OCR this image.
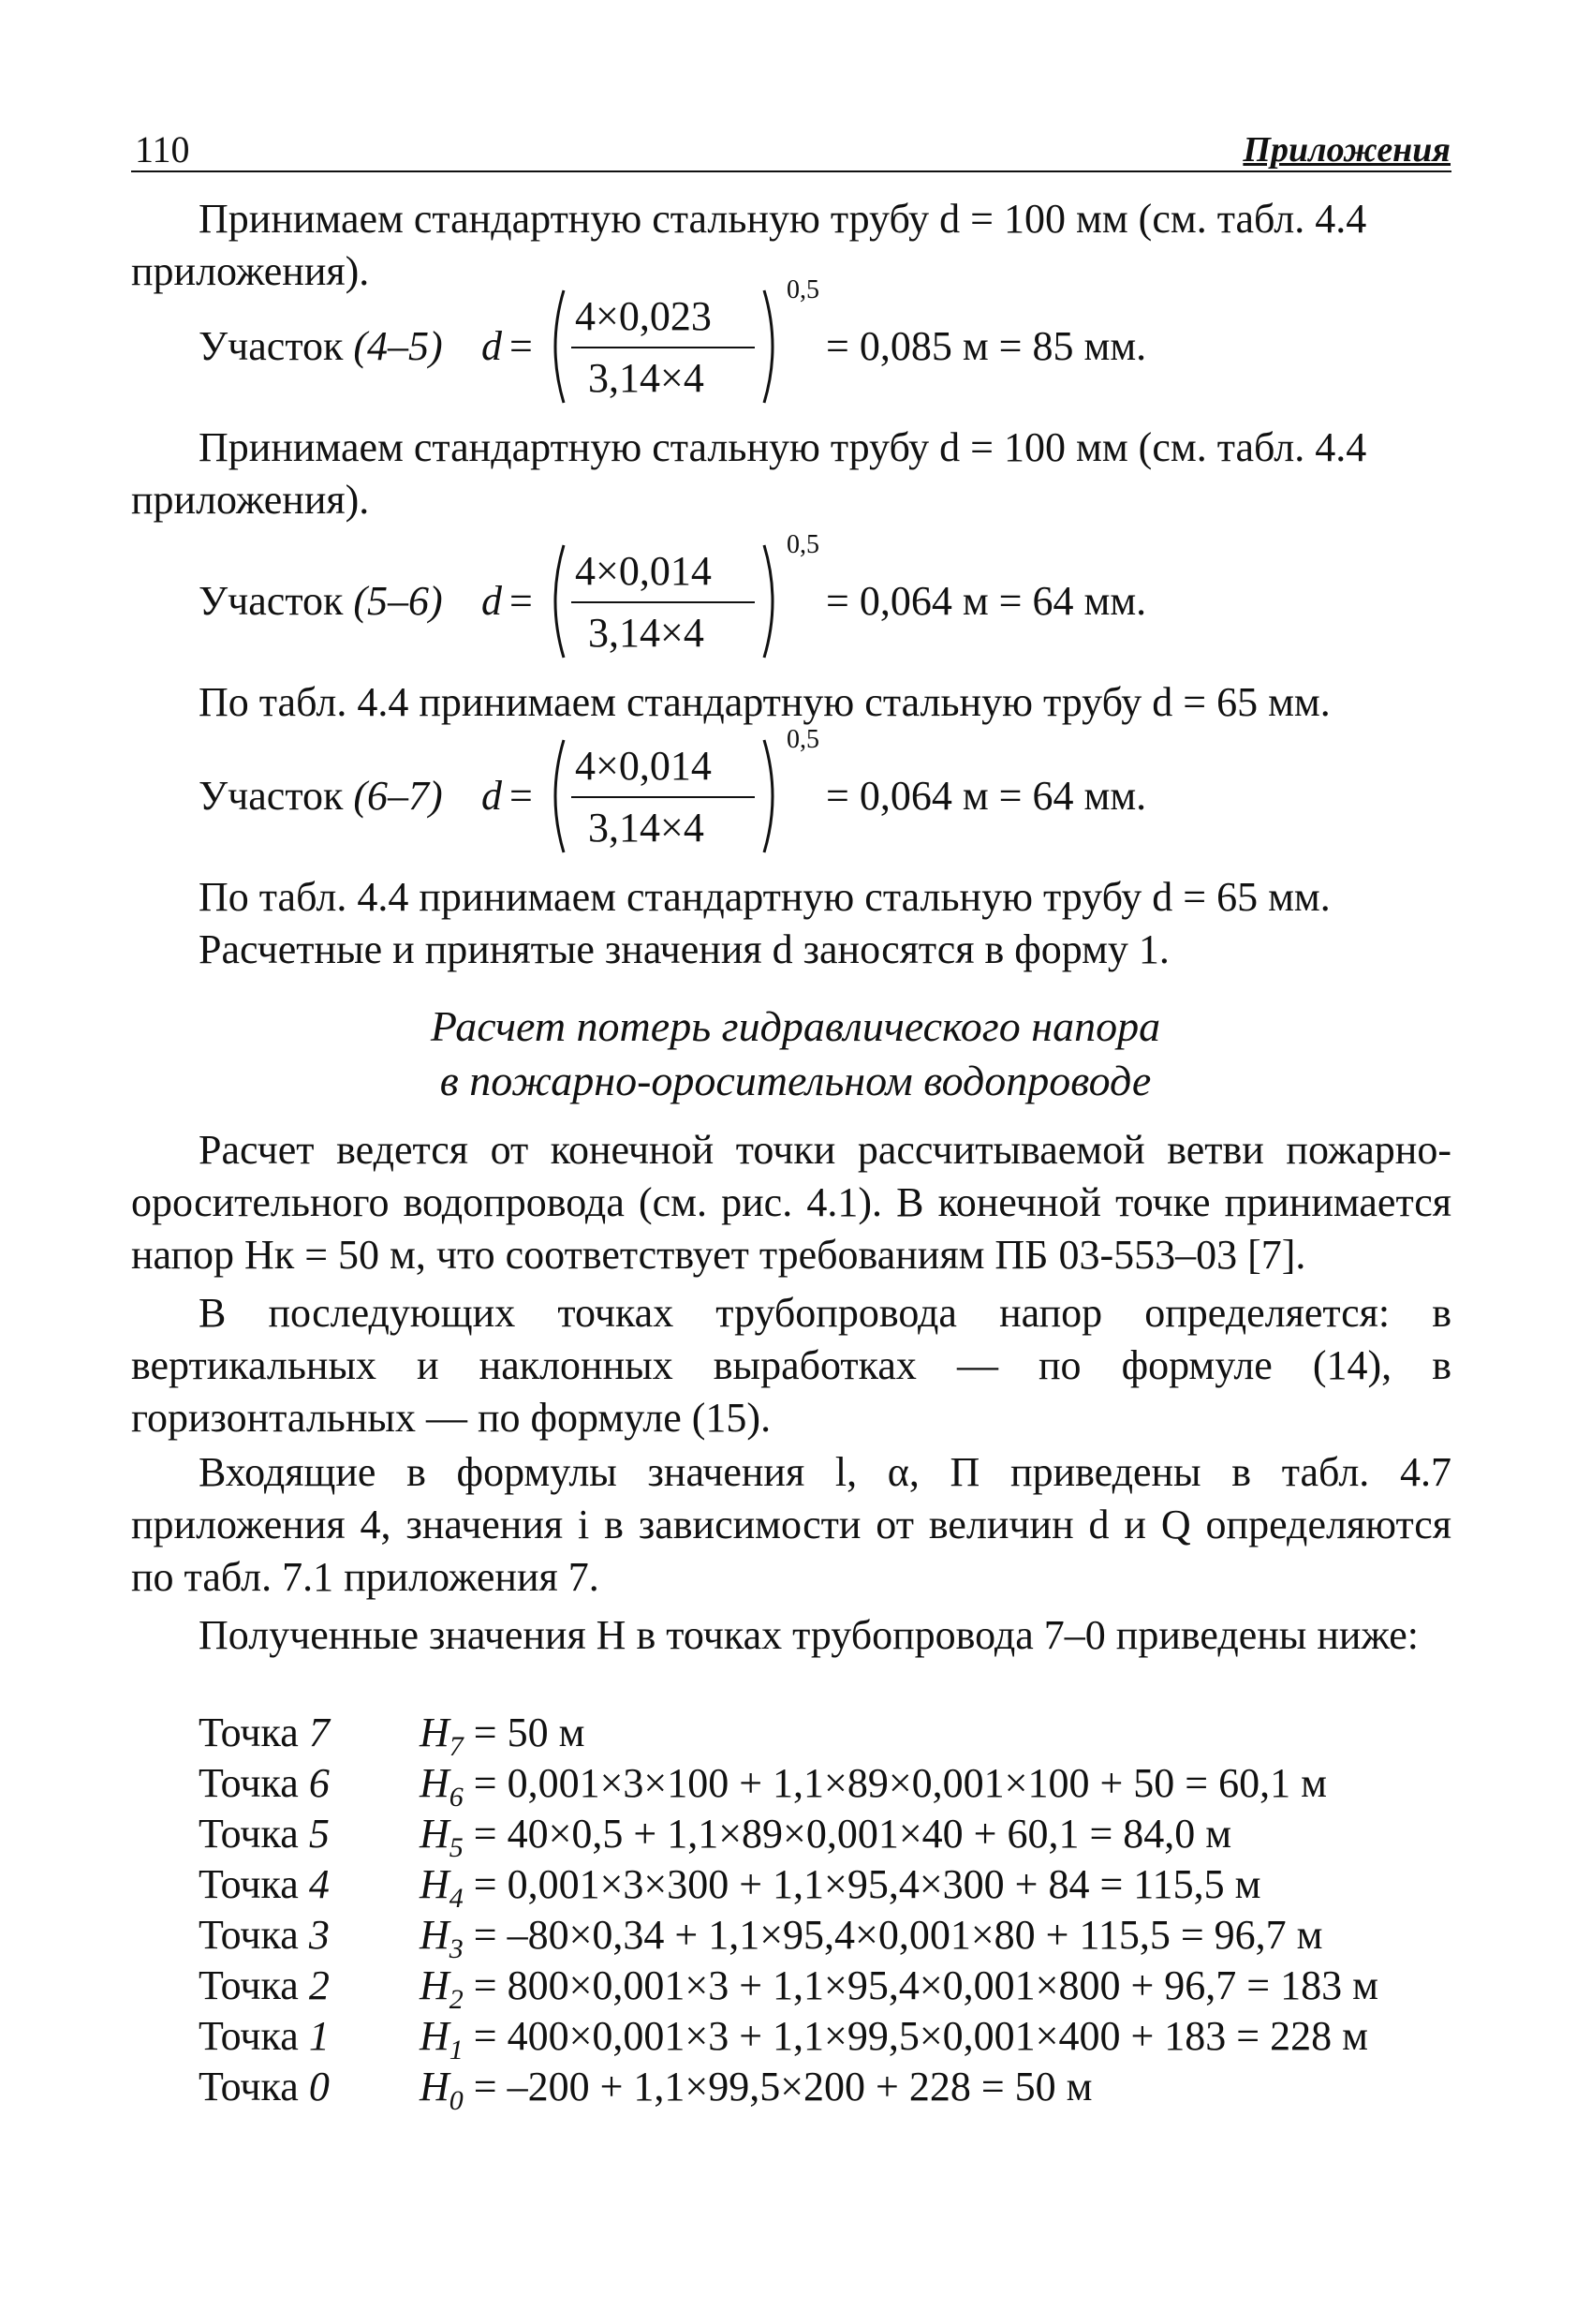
110	Приложения
Принимаем стандартную стальную трубу d = 100 мм (см. табл. 4.4
приложения).
Участок (4–5) d =
4×0,023
3,14×4
0,5
= 0,085 м = 85 мм.
Принимаем стандартную стальную трубу d = 100 мм (см. табл. 4.4
приложения).
Участок (5–6) d =
4×0,014
3,14×4
0,5
= 0,064 м = 64 мм.
По табл. 4.4 принимаем стандартную стальную трубу d = 65 мм.
Участок (6–7) d =
4×0,014
3,14×4
0,5
= 0,064 м = 64 мм.
По табл. 4.4 принимаем стандартную стальную трубу d = 65 мм.
Расчетные и принятые значения d заносятся в форму 1.
Расчет потерь гидравлического напора
в пожарно-оросительном водопроводе
Расчет ведется от конечной точки рассчитываемой ветви пожарно-оросительного водопровода (см. рис. 4.1). В конечной точке принимается напор Hк = 50 м, что соответствует требованиям ПБ 03-553–03 [7].
В последующих точках трубопровода напор определяется: в вертикальных и наклонных выработках — по формуле (14), в горизонтальных — по формуле (15).
Входящие в формулы значения l, α, П приведены в табл. 4.7 приложения 4, значения i в зависимости от величин d и Q определяются по табл. 7.1 приложения 7.
Полученные значения H в точках трубопровода 7–0 приведены ниже:
Точка 7 $H_7 = 50$ м
Точка 6 $H_6 = 0,001\times 3\times 100 + 1,1\times 89\times 0,001\times 100 + 50 = 60,1$ м
Точка 5 $H_5 = 40\times 0,5 + 1,1\times 89\times 0,001\times 40 + 60,1 = 84,0$ м
Точка 4 $H_4 = 0,001\times 3\times 300 + 1,1\times 95,4\times 300 + 84 = 115,5$ м
Точка 3 $H_3 = -80\times 0,34 + 1,1\times 95,4\times 0,001\times 80 + 115,5 = 96,7$ м
Точка 2 $H_2 = 800\times 0,001\times 3 + 1,1\times 95,4\times 0,001\times 800 + 96,7 = 183$ м
Точка 1 $H_1 = 400\times 0,001\times 3 + 1,1\times 99,5\times 0,001\times 400 + 183 = 228$ м
Точка 0 $H_0 = -200 + 1,1\times 99,5\times 200 + 228 = 50$ м
